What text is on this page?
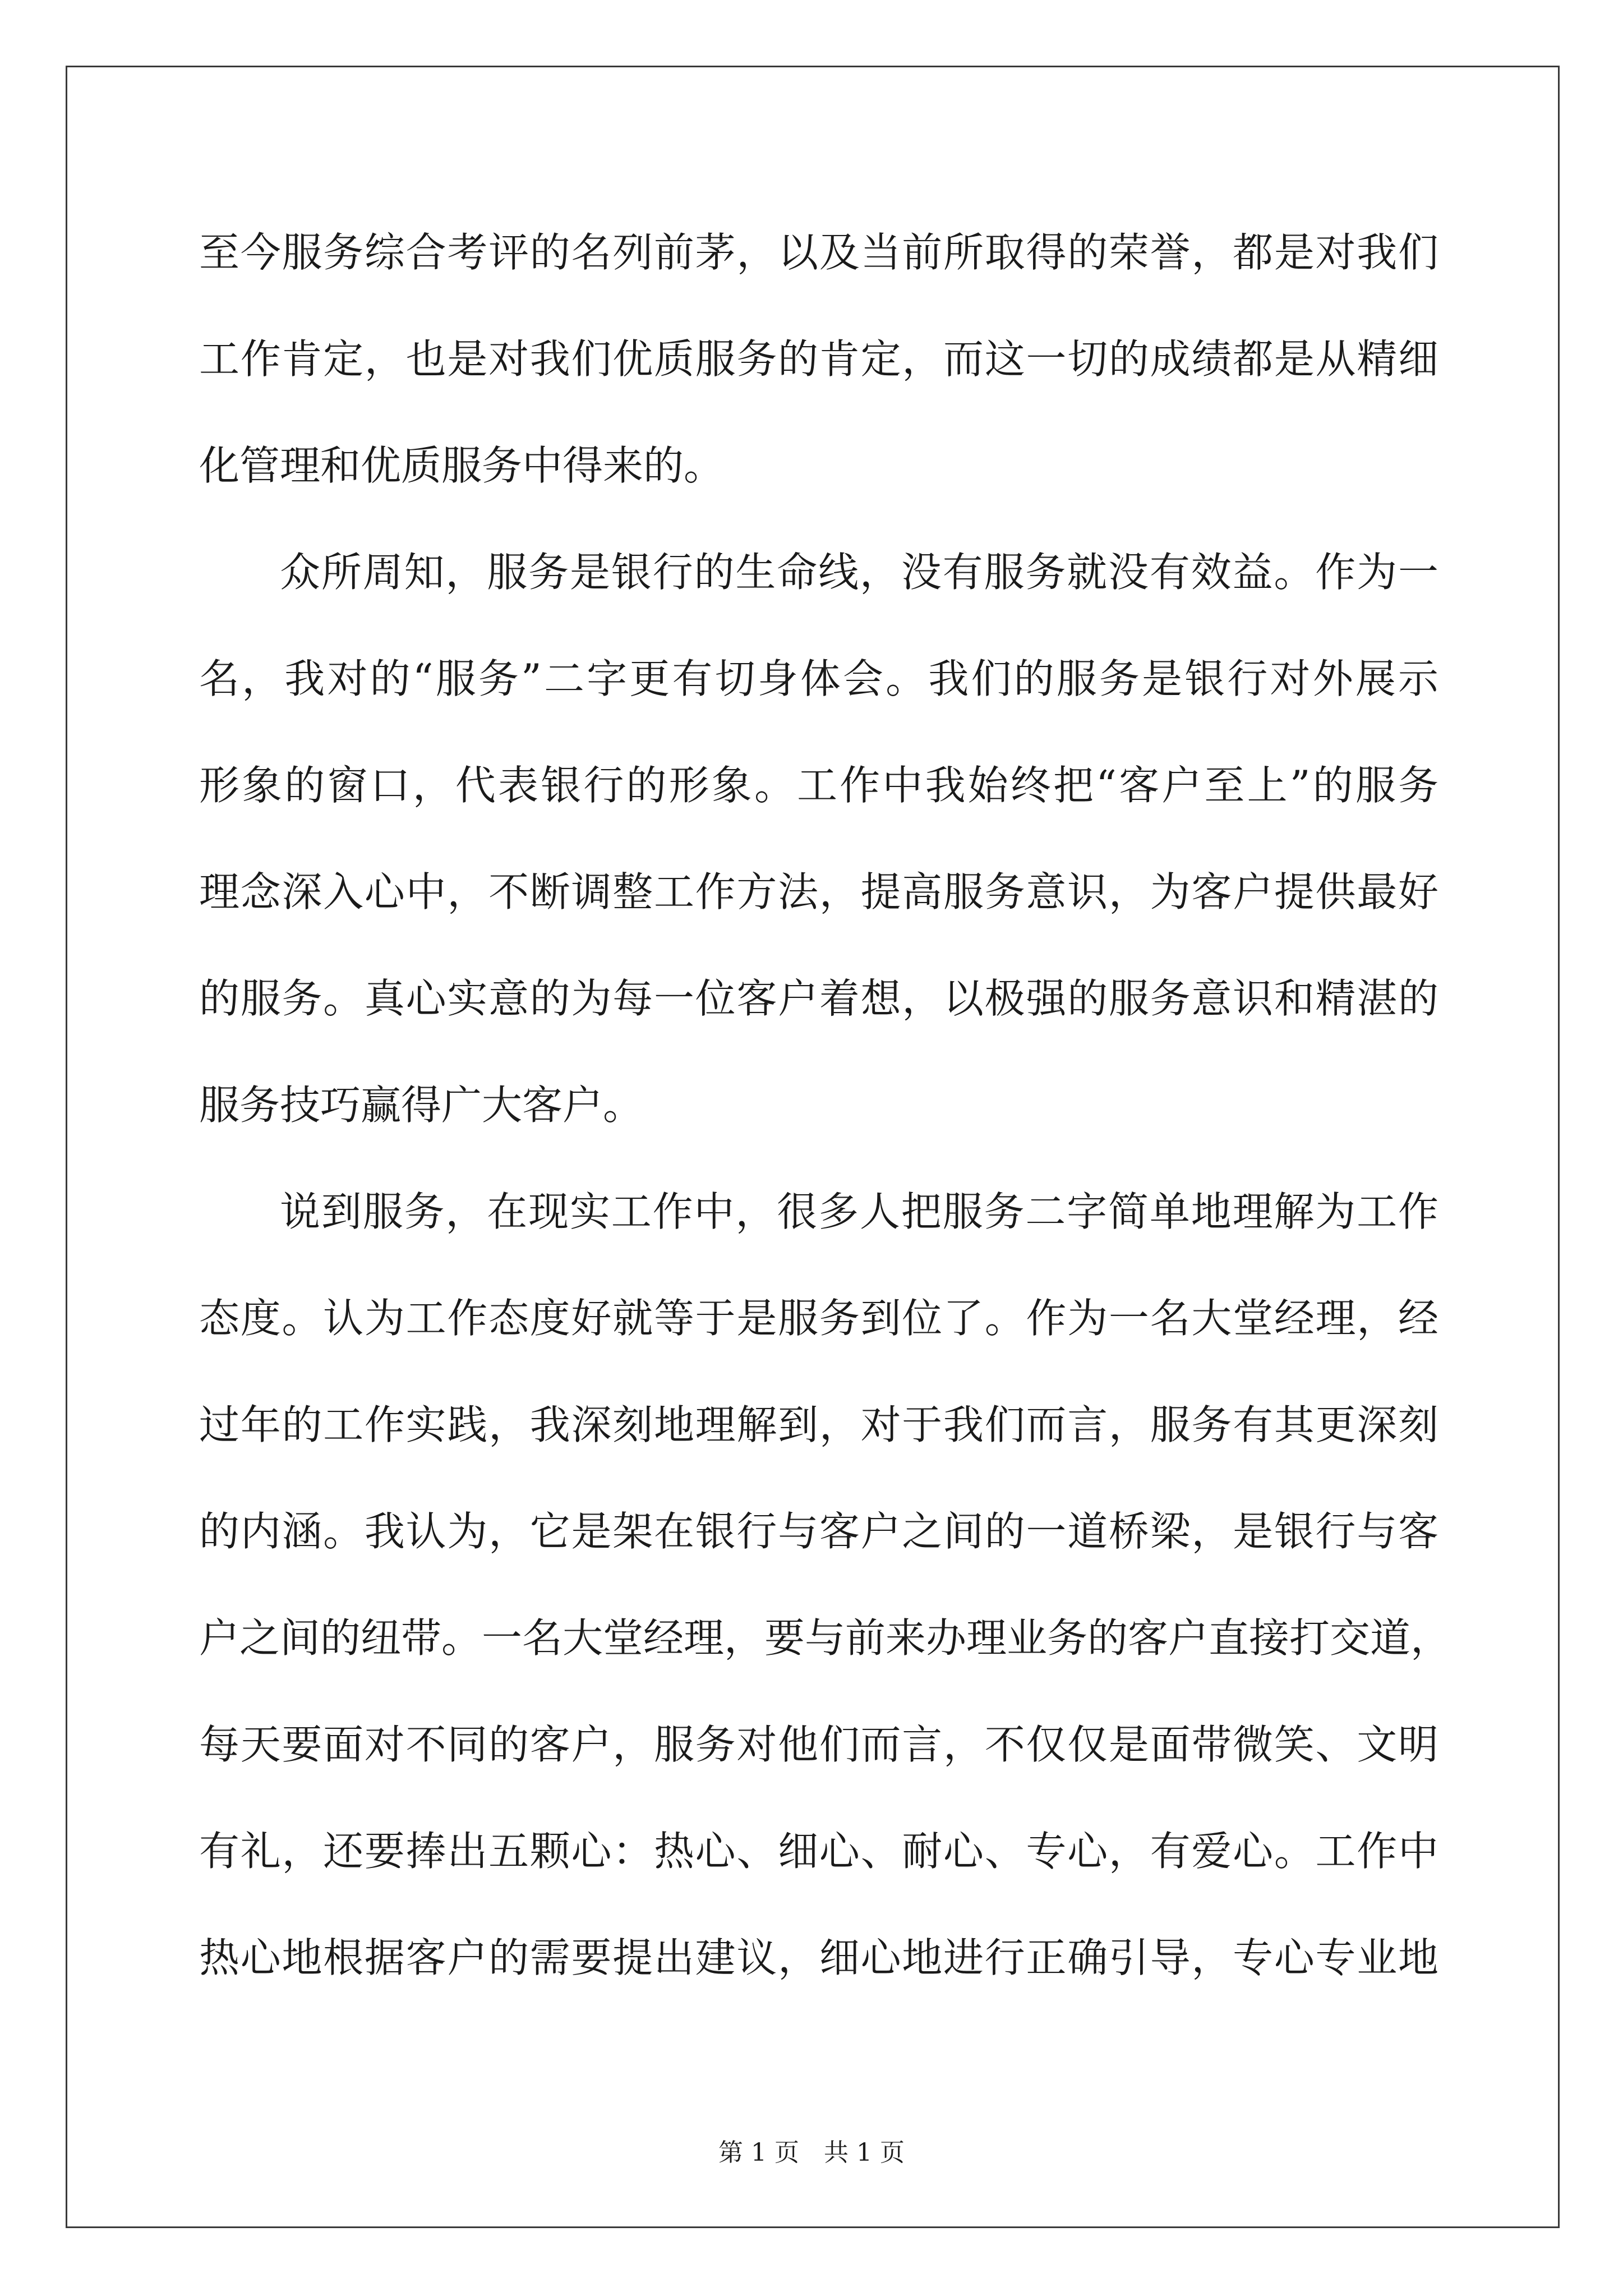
至今服务综合考评的名列前茅，以及当前所取得的荣誉，都是对我们
工作肯定，也是对我们优质服务的肯定，而这一切的成绩都是从精细
化管理和优质服务中得来的。
众所周知，服务是银行的生命线，没有服务就没有效益。作为一
名，我对的“服务”二字更有切身体会。我们的服务是银行对外展示
形象的窗口，代表银行的形象。工作中我始终把“客户至上”的服务
理念深入心中，不断调整工作方法，提高服务意识，为客户提供最好
的服务。真心实意的为每一位客户着想，以极强的服务意识和精湛的
服务技巧赢得广大客户。
说到服务，在现实工作中，很多人把服务二字简单地理解为工作
态度。认为工作态度好就等于是服务到位了。作为一名大堂经理，经
过年的工作实践，我深刻地理解到，对于我们而言，服务有其更深刻
的内涵。我认为，它是架在银行与客户之间的一道桥梁，是银行与客
户之间的纽带。一名大堂经理，要与前来办理业务的客户直接打交道，
每天要面对不同的客户，服务对他们而言，不仅仅是面带微笑、文明
有礼，还要捧出五颗心：热心、细心、耐心、专心，有爱心。工作中
热心地根据客户的需要提出建议，细心地进行正确引导，专心专业地
第 1 页　共 1 页
